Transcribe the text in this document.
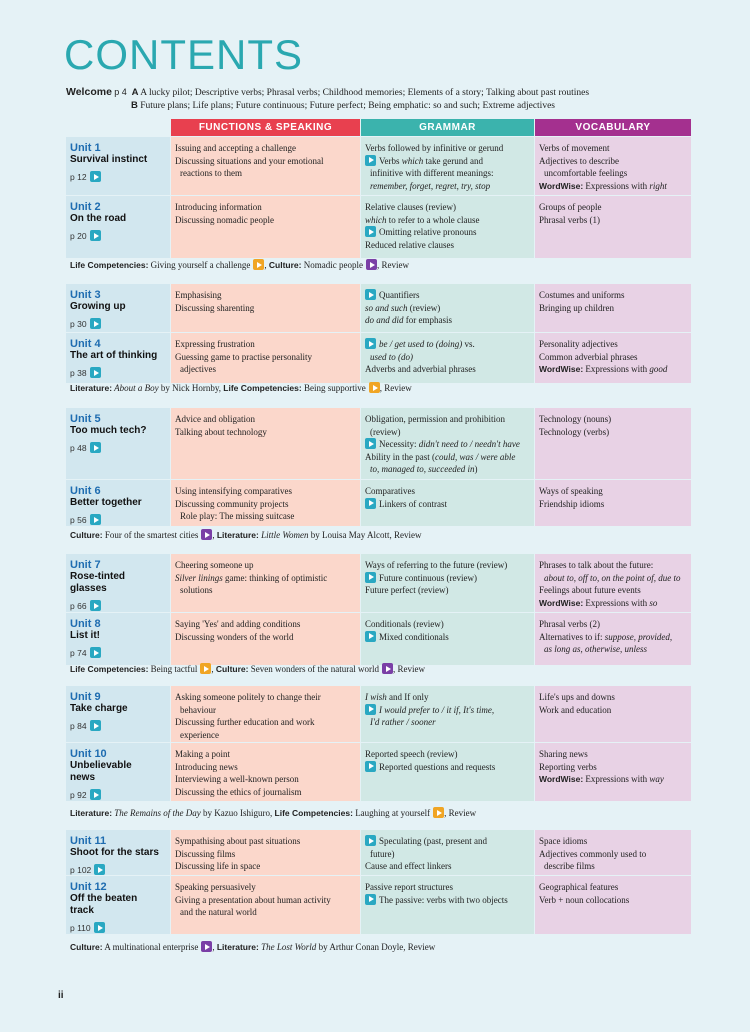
CONTENTS
Welcome p 4 A A lucky pilot; Descriptive verbs; Phrasal verbs; Childhood memories; Elements of a story; Talking about past routines
B Future plans; Life plans; Future continuous; Future perfect; Being emphatic: so and such; Extreme adjectives
FUNCTIONS & SPEAKING	GRAMMAR	VOCABULARY
ii
Unit 1
Survival instinct
p 12
Issuing and accepting a challenge
Discussing situations and your emotional
reactions to them
Verbs followed by infinitive or gerund
Verbs which take gerund and
infinitive with different meanings:
remember, forget, regret, try, stop
Verbs of movement
Adjectives to describe
uncomfortable feelings
WordWise: Expressions with right
Unit 2
On the road
p 20
Introducing information
Discussing nomadic people
Relative clauses (review)
which to refer to a whole clause
Omitting relative pronouns
Reduced relative clauses
Groups of people
Phrasal verbs (1)
Unit 3
Growing up
p 30
Emphasising
Discussing sharenting
Quantifiers
so and such (review)
do and did for emphasis
Costumes and uniforms
Bringing up children
Unit 4
The art of thinking
p 38
Expressing frustration
Guessing game to practise personality
adjectives
be / get used to (doing) vs.
used to (do)
Adverbs and adverbial phrases
Personality adjectives
Common adverbial phrases
WordWise: Expressions with good
Unit 5
Too much tech?
p 48
Advice and obligation
Talking about technology
Obligation, permission and prohibition
(review)
Necessity: didn't need to / needn't have
Ability in the past (could, was / were able
to, managed to, succeeded in)
Technology (nouns)
Technology (verbs)
Unit 6
Better together
p 56
Using intensifying comparatives
Discussing community projects
Role play: The missing suitcase
Comparatives
Linkers of contrast
Ways of speaking
Friendship idioms
Unit 7
Rose-tinted
glasses
p 66
Cheering someone up
Silver linings game: thinking of optimistic
solutions
Ways of referring to the future (review)
Future continuous (review)
Future perfect (review)
Phrases to talk about the future:
about to, off to, on the point of, due to
Feelings about future events
WordWise: Expressions with so
Unit 8
List it!
p 74
Saying 'Yes' and adding conditions
Discussing wonders of the world
Conditionals (review)
Mixed conditionals
Phrasal verbs (2)
Alternatives to if: suppose, provided,
as long as, otherwise, unless
Unit 9
Take charge
p 84
Asking someone politely to change their
behaviour
Discussing further education and work
experience
I wish and If only
I would prefer to / it if, It's time,
I'd rather / sooner
Life's ups and downs
Work and education
Unit 10
Unbelievable
news
p 92
Making a point
Introducing news
Interviewing a well-known person
Discussing the ethics of journalism
Reported speech (review)
Reported questions and requests
Sharing news
Reporting verbs
WordWise: Expressions with way
Unit 11
Shoot for the stars
p 102
Sympathising about past situations
Discussing films
Discussing life in space
Speculating (past, present and
future)
Cause and effect linkers
Space idioms
Adjectives commonly used to
describe films
Unit 12
Off the beaten
track
p 110
Speaking persuasively
Giving a presentation about human activity
and the natural world
Passive report structures
The passive: verbs with two objects
Geographical features
Verb + noun collocations
Life Competencies: Giving yourself a challenge , Culture: Nomadic people , Review
Literature: About a Boy by Nick Hornby, Life Competencies: Being supportive , Review
Culture: Four of the smartest cities , Literature: Little Women by Louisa May Alcott, Review
Life Competencies: Being tactful , Culture: Seven wonders of the natural world , Review
Literature: The Remains of the Day by Kazuo Ishiguro, Life Competencies: Laughing at yourself , Review
Culture: A multinational enterprise , Literature: The Lost World by Arthur Conan Doyle, Review
